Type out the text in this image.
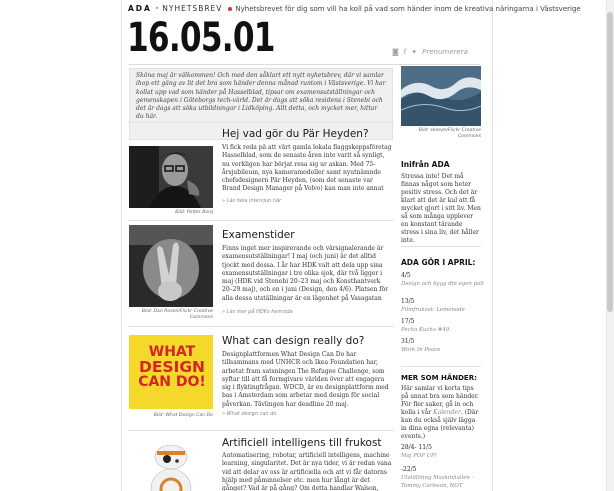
ADA • NYHETSBREV Nyhetsbrevet för dig som vill ha koll på vad som händer inom de kreativa näringarna i Västsverige
16.05.01	◙ f ✦ Prenumerera
Sköna maj är välkommen! Och med den såklart ett nytt nyhetsbrev, där vi samlar ihop ett gäng av lit det bra som händer denna månad runtom i Västsverige. Vi har kollat upp vad som händer på Hasselblad, tipsar om examensutställningar och gemenskapen i Göteborgs tech-värld. Det är dags att söka residens i Stenebi och det är dags att söka utbildningar i Lidköping. Allt detta, och mycket mer, hittar du här.
Bild: Petter Borg
Hej vad gör du Pär Heyden?
Vi fick reda på att vårt gamla lokala flaggskeppsföretag Hasselblad, som de senaste åren inte varit så synligt, nu verkligen har börjat resa sig ur askan. Med 75-årsjubileum, nya kameramodeller samt nyutnämnde chefsdesignern Pär Heyden, (som det senaste var Brand Design Manager på Volvo) kan man inte annat
» Läs hela intervjun här
Bild: Dan Rosen/Flickr Creative Commons
Examenstider
Finns inget mer inspirerande och vårsignalerande är examensutställningar! I maj (och juni) är det alltid tjockt med dessa. I år har HDK valt att dela upp sina examensutställningar i tre olika sjok, där två ligger i maj (HDK vid Stenebi 20–23 maj och Konsthantverk 20–29 maj), och en i juni (Design, den 4/6). Platsen för alla dessa utställningar är en lägenhet på Vasagatan
» Läs mer på HDKs hemsida
WHAT
DESIGN
CAN DO!
Bild: What Design Can Do
What can design really do?
Designplattformen What Design Can Do har tillsammans med UNHCR och Ikea Foundation har, arbetat fram satsningen The Refugee Challenge, som syftar till att få formgivare världen över att engagera sig i flyktingfrågan. WDCD, är en designplattform med bas i Amsterdam som arbetar med design för social påverkan. Tävlingen har deadline 20 maj.
» What design can do
Artificiell intelligens till frukost
Automatisering, robotar, artificiell intelligens, machine learning, singularitet. Det är nya tider, vi är redan vana vid att delar av oss är artificiella och att vi får datorns hjälp med påminnelser etc. men hur långt är det gånget? Vad är på gång? Om detta handlar Walson,
Bild: skeeze/Flickr Creative Commons
Inifrån ADA
Stressa inte! Det må finnas något som heter positiv stress. Och det är klart att det är kul att få mycket gjort i sitt liv. Men så som många upplever en konstant tärande stress i sina liv, det håller inte.
ADA GÖR I APRIL:
4/5
Design och bygg din egen pall
13/5
Filmfrukost: Lemonade
17/5
Pecha Kucha #49.
31/5
Work In Peace
MER SOM HÄNDER:
Här samlar vi korta tips på annat bra som händer. För fler saker, gå in och kolla i vår Kalender. (Där kan du också själv lägga in dina egna (relevanta) events.)
28/4- 11/5
Maj POP UP!
-22/5
Utställning Maskinhallen – Tommy Carlsson, NOT
